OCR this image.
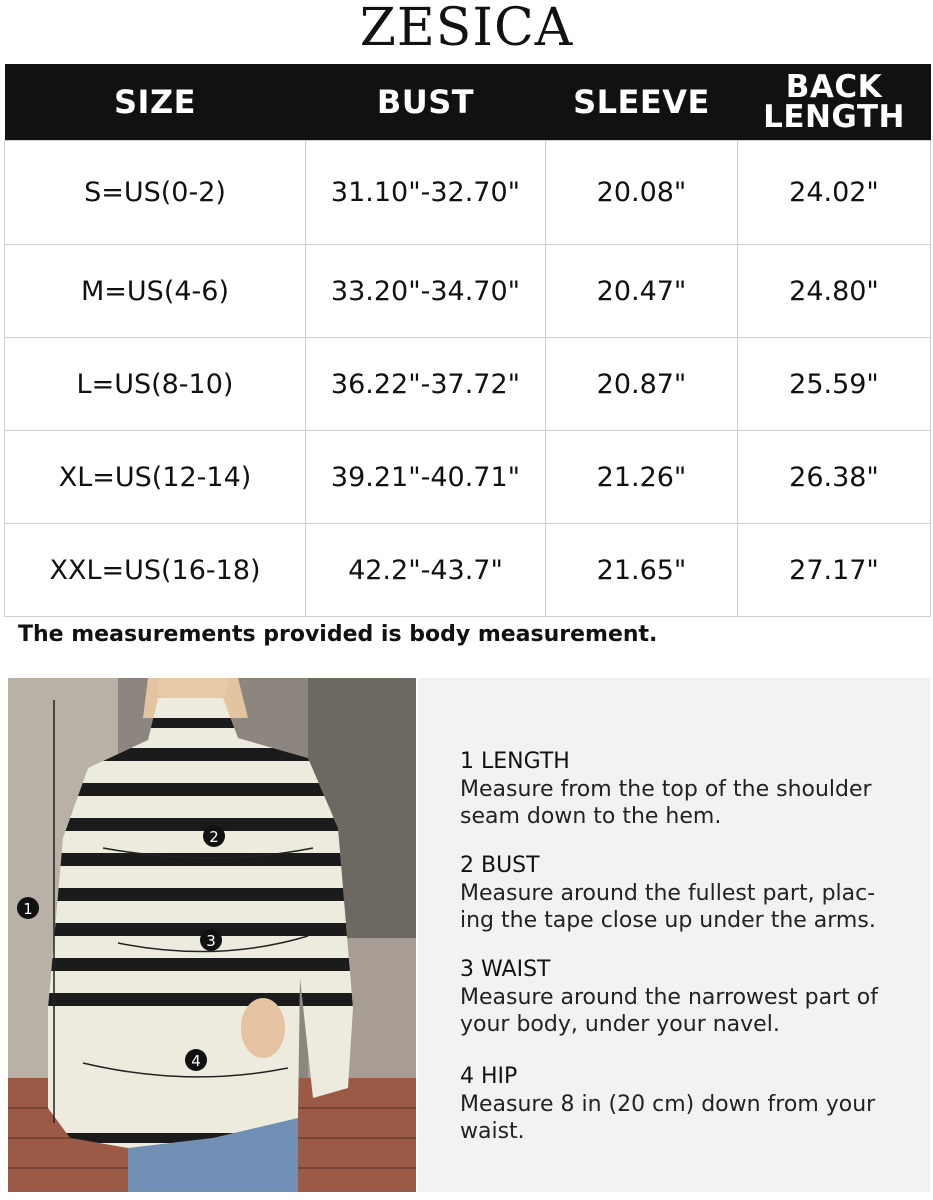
ZESICA
SIZE	BUST	SLEEVE	BACK
LENGTH
S=US(0-2)	31.10"-32.70"	20.08"	24.02"
M=US(4-6)	33.20"-34.70"	20.47"	24.80"
L=US(8-10)	36.22"-37.72"	20.87"	25.59"
XL=US(12-14)	39.21"-40.71"	21.26"	26.38"
XXL=US(16-18)	42.2"-43.7"	21.65"	27.17"
The measurements provided is body measurement.
1
2
3
4
1 LENGTH
Measure from the top of the shoulder
seam down to the hem.
2 BUST
Measure around the fullest part, plac-
ing the tape close up under the arms.
3 WAIST
Measure around the narrowest part of
your body, under your navel.
4 HIP
Measure 8 in (20 cm) down from your
waist.
